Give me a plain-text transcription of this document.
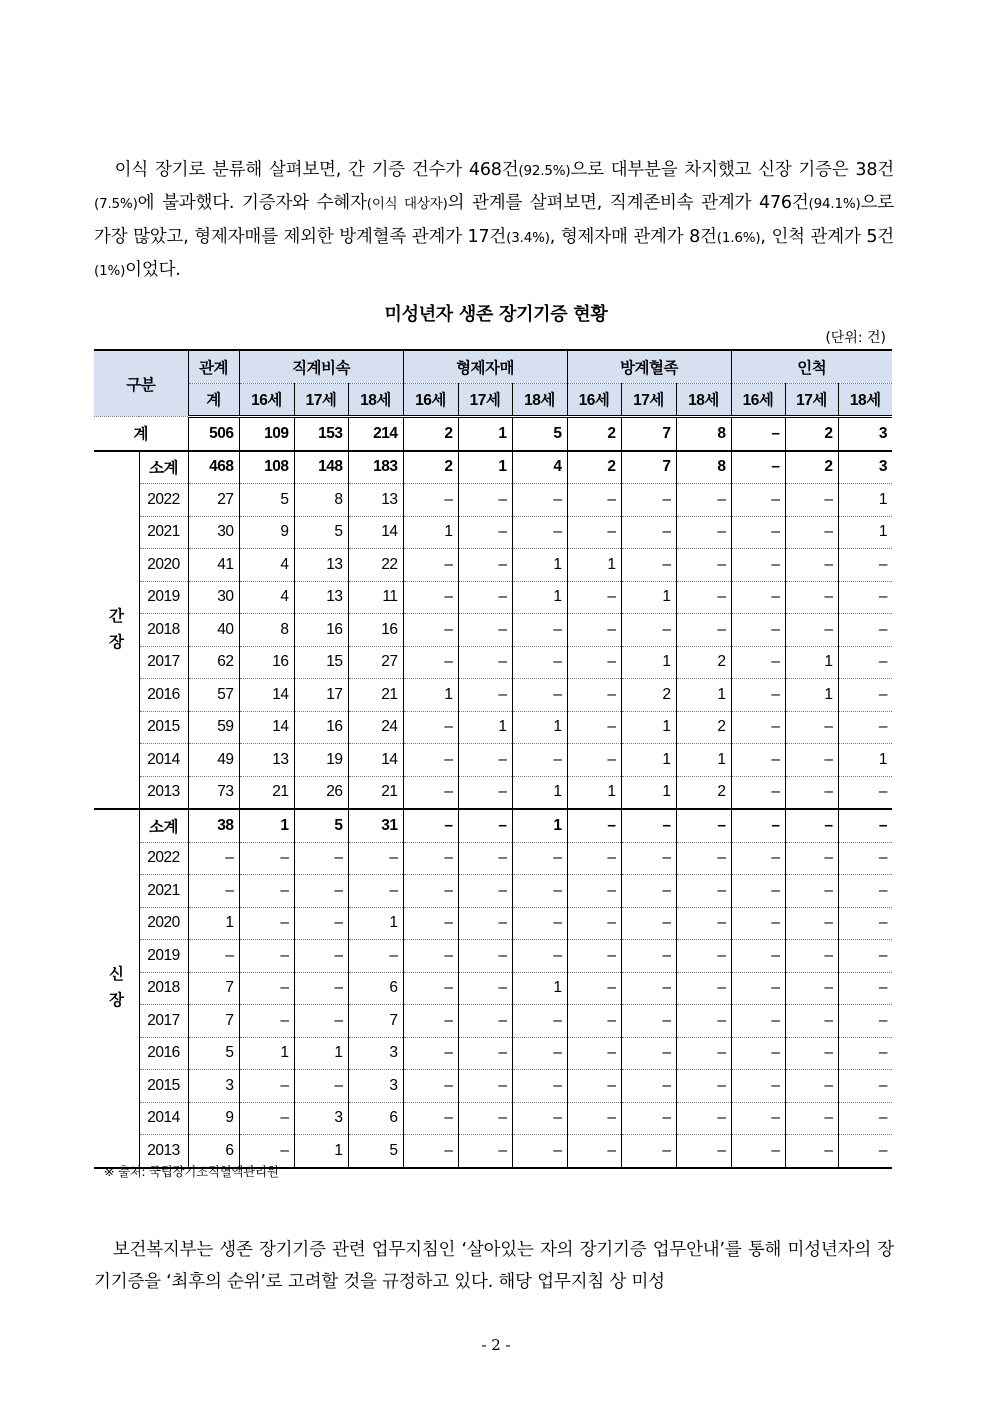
이식 장기로 분류해 살펴보면, 간 기증 건수가 468건(92.5%)으로 대부분을 차지했고 신장 기증은 38건(7.5%)에 불과했다. 기증자와 수혜자(이식 대상자)의 관계를 살펴보면, 직계존비속 관계가 476건(94.1%)으로 가장 많았고, 형제자매를 제외한 방계혈족 관계가 17건(3.4%), 형제자매 관계가 8건(1.6%), 인척 관계가 5건(1%)이었다.

미성년자 생존 장기기증 현황
(단위: 건)
구분		관계	직계비속			형제자매			방계혈족			인척		
		계	16세	17세	18세	16세	17세	18세	16세	17세	18세	16세	17세	18세
계		506	109	153	214	2	1	5	2	7	8	–	2	3
간
장	소계	468	108	148	183	2	1	4	2	7	8	–	2	3
	2022	27	5	8	13	–	–	–	–	–	–	–	–	1
	2021	30	9	5	14	1	–	–	–	–	–	–	–	1
	2020	41	4	13	22	–	–	1	1	–	–	–	–	–
	2019	30	4	13	11	–	–	1	–	1	–	–	–	–
	2018	40	8	16	16	–	–	–	–	–	–	–	–	–
	2017	62	16	15	27	–	–	–	–	1	2	–	1	–
	2016	57	14	17	21	1	–	–	–	2	1	–	1	–
	2015	59	14	16	24	–	1	1	–	1	2	–	–	–
	2014	49	13	19	14	–	–	–	–	1	1	–	–	1
	2013	73	21	26	21	–	–	1	1	1	2	–	–	–
신
장	소계	38	1	5	31	–	–	1	–	–	–	–	–	–
	2022	–	–	–	–	–	–	–	–	–	–	–	–	–
	2021	–	–	–	–	–	–	–	–	–	–	–	–	–
	2020	1	–	–	1	–	–	–	–	–	–	–	–	–
	2019	–	–	–	–	–	–	–	–	–	–	–	–	–
	2018	7	–	–	6	–	–	1	–	–	–	–	–	–
	2017	7	–	–	7	–	–	–	–	–	–	–	–	–
	2016	5	1	1	3	–	–	–	–	–	–	–	–	–
	2015	3	–	–	3	–	–	–	–	–	–	–	–	–
	2014	9	–	3	6	–	–	–	–	–	–	–	–	–
	2013	6	–	1	5	–	–	–	–	–	–	–	–	–
※ 출처: 국립장기조직혈액관리원

보건복지부는 생존 장기기증 관련 업무지침인 ‘살아있는 자의 장기기증 업무안내’를 통해 미성년자의 장기기증을 ‘최후의 순위’로 고려할 것을 규정하고 있다. 해당 업무지침 상 미성

- 2 -
